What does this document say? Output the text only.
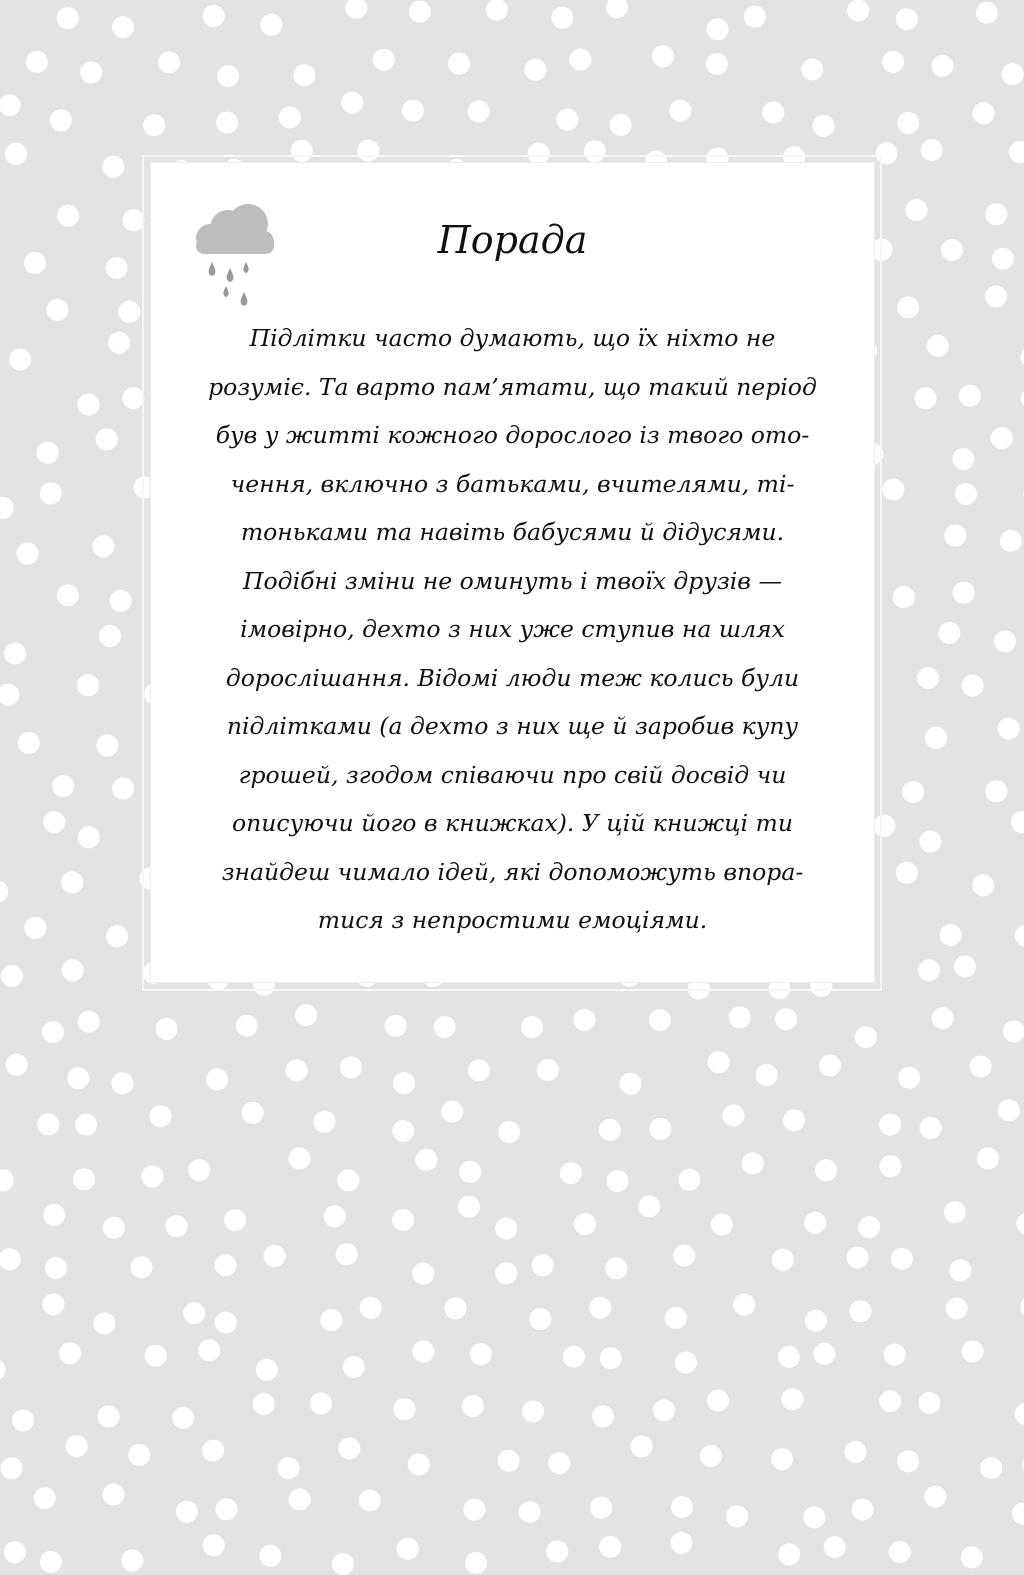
Порада

Підлітки часто думають, що їх ніхто не
розуміє. Та варто пам’ятати, що такий період
був у житті кожного дорослого із твого ото-
чення, включно з батьками, вчителями, ті-
тоньками та навіть бабусями й дідусями.
Подібні зміни не оминуть і твоїх друзів —
імовірно, дехто з них уже ступив на шлях
дорослішання. Відомі люди теж колись були
підлітками (а дехто з них ще й заробив купу
грошей, згодом співаючи про свій досвід чи
описуючи його в книжках). У цій книжці ти
знайдеш чимало ідей, які допоможуть впора-
тися з непростими емоціями.
